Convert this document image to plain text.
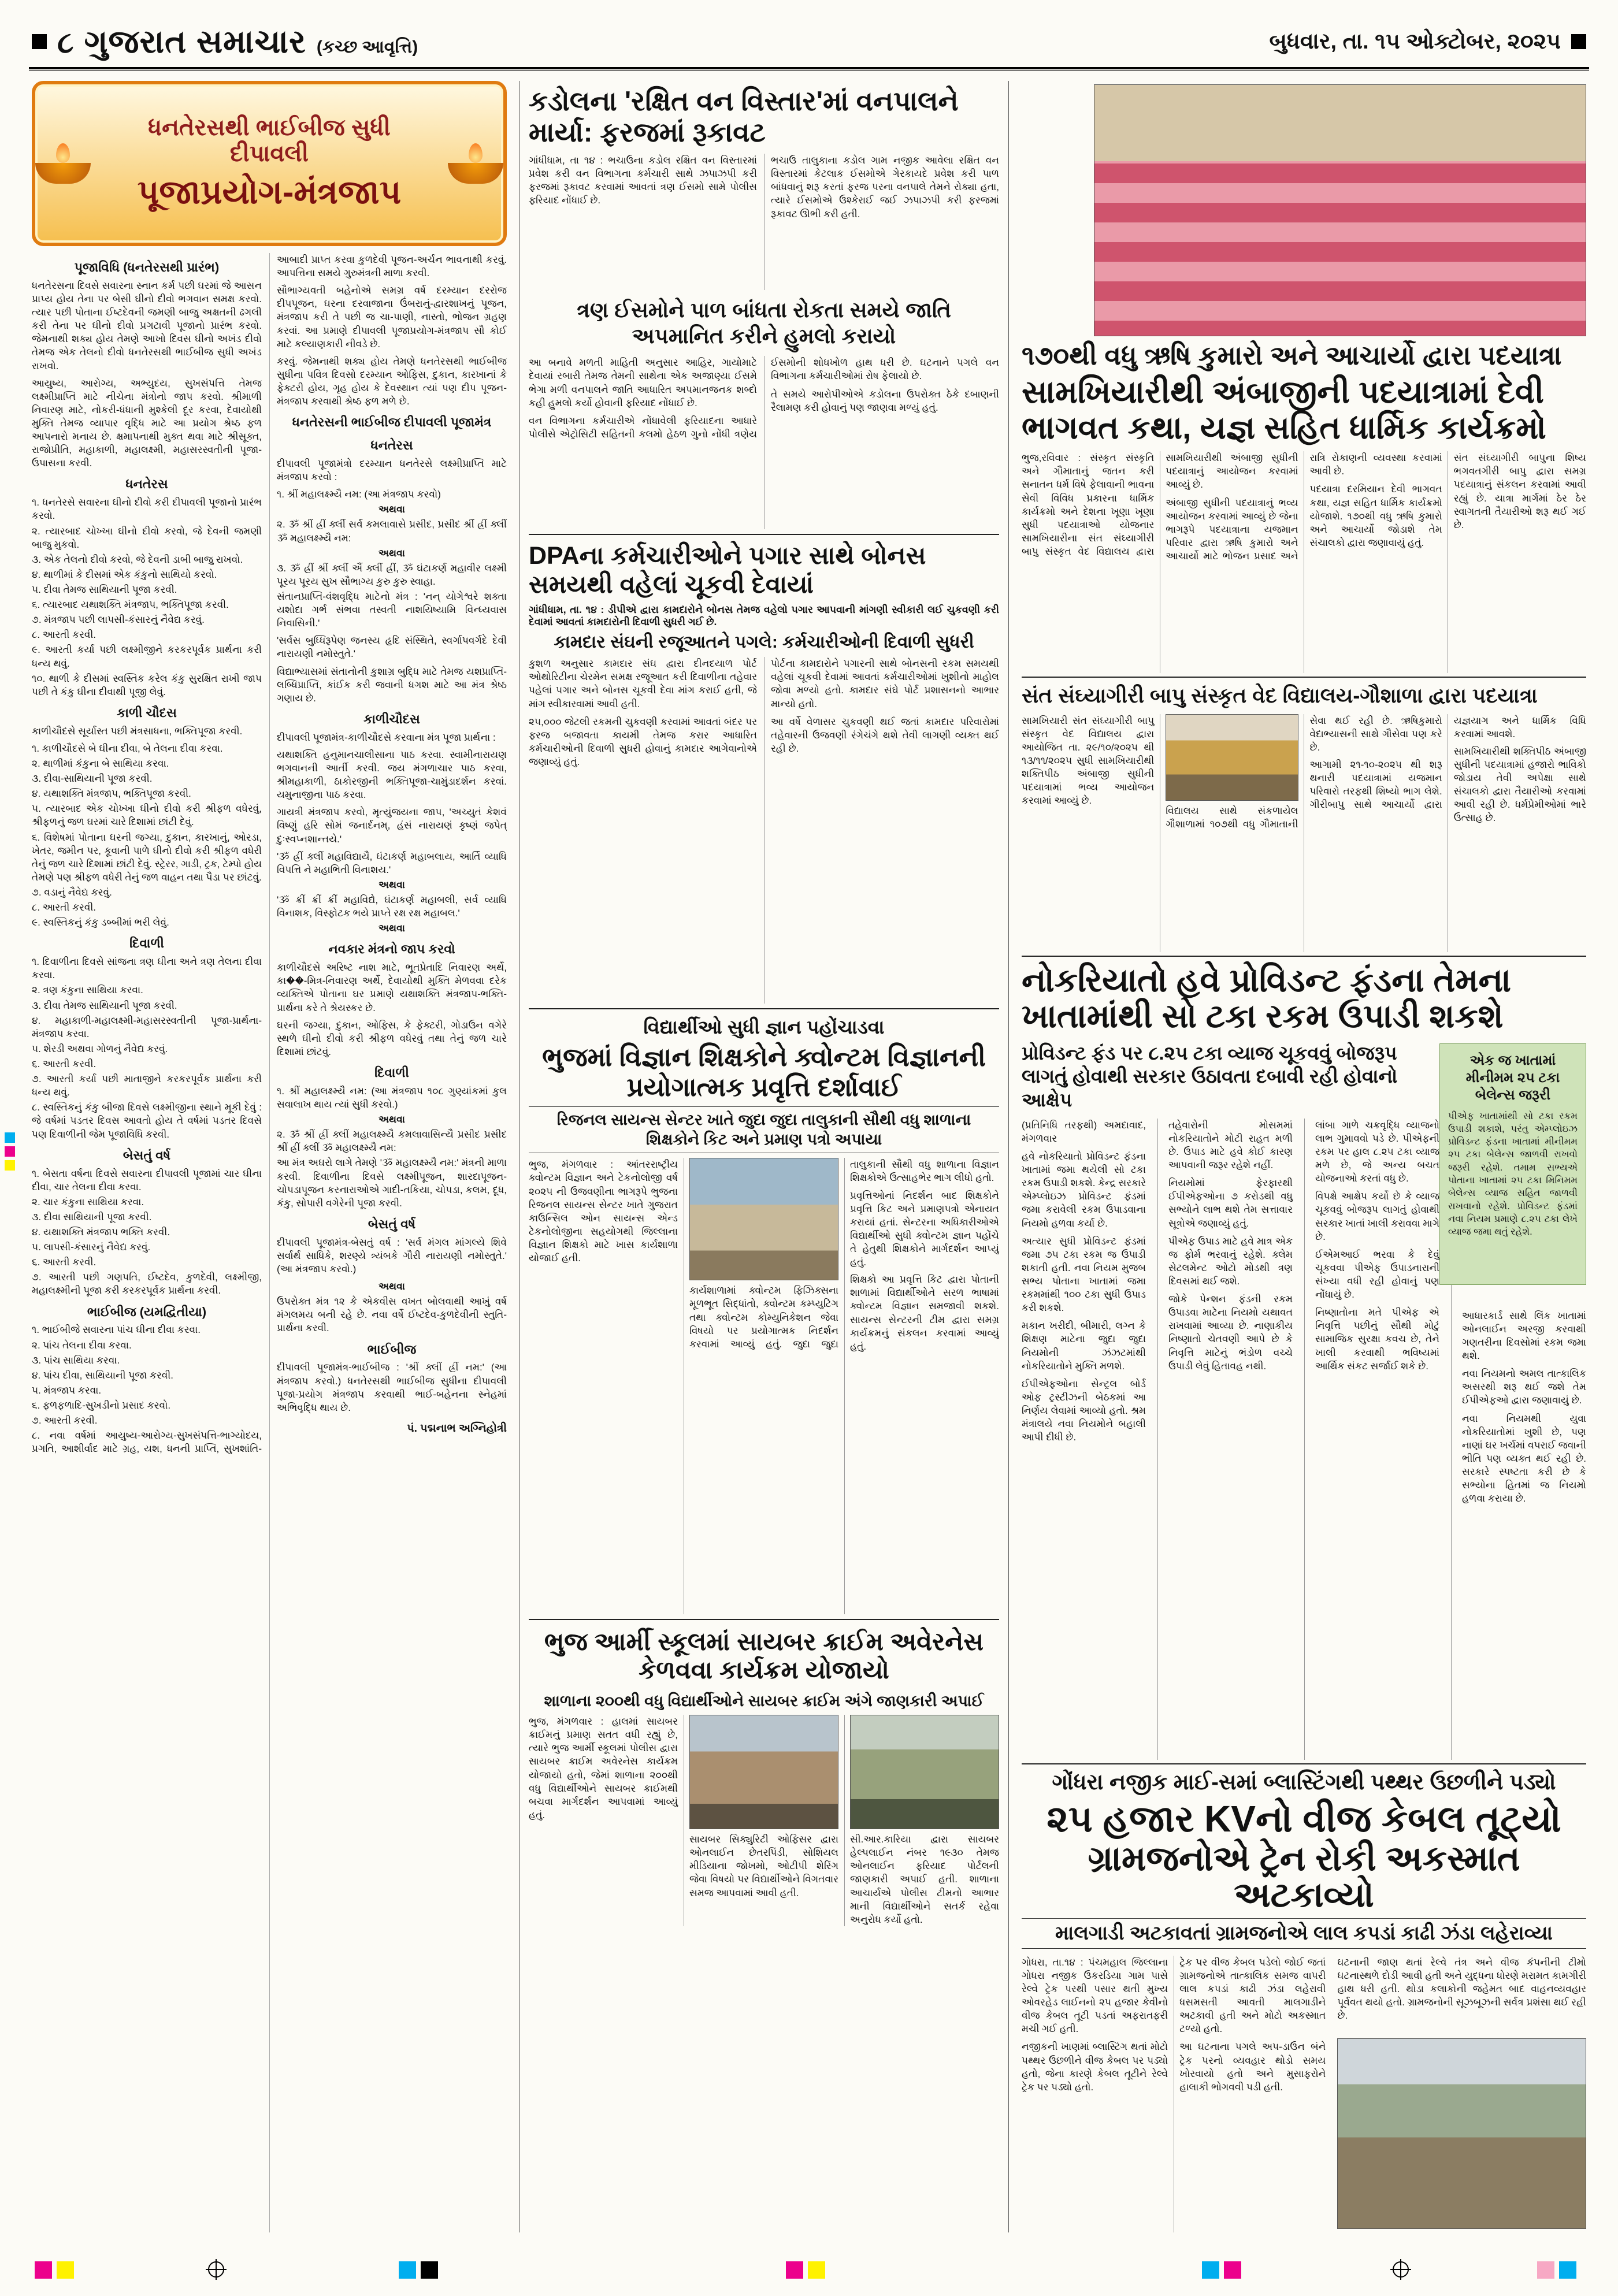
૮ ગુજરાત સમાચાર (કચ્છ આવૃત્તિ)	બુધવાર, તા. ૧૫ ઓક્ટોબર, ૨૦૨૫
ધનતેરસથી ભાઈબીજ સુધી દીપાવલી
પૂજાપ્રયોગ-મંત્રજાપ
પૂજાવિધિ (ધનતેરસથી પ્રારંભ)
ધનતેરસના દિવસે સવારના સ્નાન કર્મ પછી ઘરમાં જે આસન પ્રાપ્ય હોય તેના પર બેસી ઘીનો દીવો ભગવાન સમક્ષ કરવો. ત્યાર પછી પોતાના ઈષ્ટદેવની જમણી બાજુ અક્ષતની ઢગલી કરી તેના પર ઘીનો દીવો પ્રગટાવી પૂજાનો પ્રારંભ કરવો. જેમનાથી શક્ય હોય તેમણે આખો દિવસ ઘીનો અખંડ દીવો તેમજ એક તેલનો દીવો ધનતેરસથી ભાઈબીજ સુધી અખંડ રાખવો.
આયુષ્ય, આરોગ્ય, અભ્યુદય, સુખસંપત્તિ તેમજ લક્ષ્મીપ્રાપ્તિ માટે નીચેના મંત્રોનો જાપ કરવો. શ્રીમાળી નિવારણ માટે, નોકરી-ધંધાની મુશ્કેલી દૂર કરવા, દેવાયોથી મુક્તિ તેમજ વ્યાપાર વૃદ્ધિ માટે આ પ્રયોગ શ્રેષ્ઠ ફળ આપનારો મનાય છે. ક્ષમાપનાથી મુક્ત થવા માટે શ્રીસૂક્ત, રાજોપ્રીતિ, મહાકાળી, મહાલક્ષ્મી, મહાસરસ્વતીની પૂજા-ઉપાસના કરવી.
ધનતેરસ
૧. ધનતેરસે સવારના ઘીનો દીવો કરી દીપાવલી પૂજાનો પ્રારંભ કરવો.
૨. ત્યારબાદ ચોખ્ખા ઘીનો દીવો કરવો, જે દેવની જમણી બાજુ મુકવો.
૩. એક તેલનો દીવો કરવો, જે દેવની ડાબી બાજુ રાખવો.
૪. થાળીમાં કે દીસમાં એક કંકુનો સાથિયો કરવો.
૫. દીવા તેમજ સાથિયાની પૂજા કરવી.
૬. ત્યારબાદ યથાશક્તિ મંત્રજાપ, ભક્તિપૂજા કરવી.
૭. મંત્રજાપ પછી લાપસી-કંસારનું નૈવેદ્ય કરવું.
૮. આરતી કરવી.
૯. આરતી કર્યા પછી લક્ષ્મીજીને કરકરપૂર્વક પ્રાર્થના કરી ધન્ય થવું.
૧૦. થાળી કે દીસમાં સ્વસ્તિક કરેલ કંકુ સુરક્ષિત રાખી જાપ પછી તે કંકુ ઘીના દીવાથી પૂજી લેવું.
કાળી ચૌદસ
કાળીચૌદસે સૂર્યાસ્ત પછી મંત્રસાધના, ભક્તિપૂજા કરવી.
૧. કાળીચૌદસે બે ઘીના દીવા, બે તેલના દીવા કરવા.
૨. થાળીમાં કંકુના બે સાથિયા કરવા.
૩. દીવા-સાથિયાની પૂજા કરવી.
૪. યથાશક્તિ મંત્રજાપ, ભક્તિપૂજા કરવી.
૫. ત્યારબાદ એક ચોખ્ખા ઘીનો દીવો કરી શ્રીફળ વધેરવું, શ્રીફળનું જળ ઘરમાં ચારે દિશામાં છાંટી દેવું.
૬. વિશેષમાં પોતાના ઘરની જગ્યા, દુકાન, કારખાનું, ઓરડા, ખેતર, જમીન પર, કૂવાની પાળે ઘીનો દીવો કરી શ્રીફળ વધેરી તેનું જળ ચારે દિશામાં છાંટી દેવું. સ્ટ્રેરર, ગાડી, ટ્રક, ટેમ્પો હોય તેમણે પણ શ્રીફળ વધેરી તેનું જળ વાહન તથા પૈડા પર છાંટવું.
૭. વડાનું નૈવેદ્ય કરવું.
૮. આરતી કરવી.
૯. સ્વસ્તિકનું કંકુ ડબ્બીમાં ભરી લેવું.
દિવાળી
૧. દિવાળીના દિવસે સાંજના ત્રણ ઘીના અને ત્રણ તેલના દીવા કરવા.
૨. ત્રણ કંકુના સાથિયા કરવા.
૩. દીવા તેમજ સાથિયાની પૂજા કરવી.
૪. મહાકાળી-મહાલક્ષ્મી-મહાસરસ્વતીની પૂજા-પ્રાર્થના-મંત્રજાપ કરવા.
૫. શેરડી અથવા ગોળનું નૈવેદ્ય કરવું.
૬. આરતી કરવી.
૭. આરતી કર્યા પછી માતાજીને કરકરપૂર્વક પ્રાર્થના કરી ધન્ય થવું.
૮. સ્વસ્તિકનું કંકુ બીજા દિવસે લક્ષ્મીજીના સ્થાને મૂકી દેવું : જે વર્ષમાં પડતર દિવસ આવતો હોય તે વર્ષમાં પડતર દિવસે પણ દિવાળીની જેમ પૂજાવિધિ કરવી.
બેસતું વર્ષ
૧. બેસતા વર્ષના દિવસે સવારના દીપાવલી પૂજામાં ચાર ઘીના દીવા, ચાર તેલના દીવા કરવા.
૨. ચાર કંકુના સાથિયા કરવા.
૩. દીવા સાથિયાની પૂજા કરવી.
૪. યથાશક્તિ મંત્રજાપ ભક્તિ કરવી.
૫. લાપસી-કંસારનું નૈવેદ્ય કરવું.
૬. આરતી કરવી.
૭. આરતી પછી ગણપતિ, ઈષ્ટદેવ, કુળદેવી, લક્ષ્મીજી, મહાલક્ષ્મીની પૂજા કરી કરકરપૂર્વક પ્રાર્થના કરવી.
ભાઈબીજ (યમદ્વિતીયા)
૧. ભાઈબીજે સવારના પાંચ ઘીના દીવા કરવા.
૨. પાંચ તેલના દીવા કરવા.
૩. પાંચ સાથિયા કરવા.
૪. પાંચ દીવા, સાથિયાની પૂજા કરવી.
૫. મંત્રજાપ કરવા.
૬. ફળફળાદિ-સુખડીનો પ્રસાદ કરવો.
૭. આરતી કરવી.
૮. નવા વર્ષમાં આયુષ્ય-આરોગ્ય-સુખસંપત્તિ-ભાગ્યોદય, પ્રગતિ, આશીર્વાદ માટે ગ્રહ, યશ, ધનની પ્રાપ્તિ, સુખશાંતિ-આબાદી પ્રાપ્ત કરવા કુળદેવી પૂજન-અર્ચન ભાવનાથી કરવું. આપત્તિના સમયે ગુરુમંત્રની માળા કરવી.
સૌભાગ્યવતી બહેનોએ સમગ્ર વર્ષ દરમ્યાન દરરોજ દીપપૂજન, ઘરના દરવાજાના ઉંબરાનું-દ્વારશાખનું પૂજન, મંત્રજાપ કરી તે પછી જ ચા-પાણી, નાસ્તો, ભોજન ગ્રહણ કરવાં. આ પ્રમાણે દીપાવલી પૂજાપ્રયોગ-મંત્રજાપ સૌ કોઈ માટે કલ્યાણકારી નીવડે છે.
કરવું. જેમનાથી શક્ય હોય તેમણે ધનતેરસથી ભાઈબીજ સુધીના પવિત્ર દિવસો દરમ્યાન ઓફિસ, દુકાન, કારખાનાં કે ફેક્ટરી હોય, ગૃહ હોય કે દેવસ્થાન ત્યાં પણ દીપ પૂજન-મંત્રજાપ કરવાથી શ્રેષ્ઠ ફળ મળે છે.
ધનતેરસની ભાઈબીજ દીપાવલી પૂજામંત્ર
ધનતેરસ
દીપાવલી પૂજામંત્રો દરમ્યાન ધનતેરસે લક્ષ્મીપ્રાપ્તિ માટે મંત્રજાપ કરવો :
૧. શ્રીં મહાલક્ષ્મ્યૈ નમ: (આ મંત્રજાપ કરવો)
અથવા
૨. ૐ શ્રીં હ્રીં ક્લીં સર્વ કમલાવાસે પ્રસીદ, પ્રસીદ શ્રીં હ્રીં ક્લીં ૐ મહાલક્ષ્મ્યૈ નમ:
અથવા
૩. ૐ હ્રીં શ્રીં ક્લીં ઐં ક્લીં હ્રીં, ૐ ઘંટાકર્ણ મહાવીર લક્ષ્મી પૂરય પૂરય સુખ સૌભાગ્ય કુરુ કુરુ સ્વાહા.
સંતાનપ્રાપ્તિ-વંશવૃદ્ધિ માટેનો મંત્ર : 'નન્ યોગેશ્વરે શક્તા યશોદા ગર્ભ સંભવા તસ્વતી નાશયિષ્યામિ વિન્ધ્યવાસ નિવાસિની.'
'સર્વસ બુધ્ધિરૂપેણ જનસ્ય હૃદિ સંસ્થિતે, સ્વર્ગાપવર્ગદે દેવી નારાયણી નમોસ્તુતે.'
વિદ્યાભ્યાસમાં સંતાનોની કુશાગ્ર બુદ્ધિ માટે તેમજ યશપ્રાપ્તિ-લબ્ધિપ્રાપ્તિ, કાંઈક કરી જવાની ધગશ માટે આ મંત્ર શ્રેષ્ઠ ગણાય છે.
કાળીચૌદસ
દીપાવલી પૂજામંત્ર-કાળીચૌદસે કરવાના મંત્ર પૂજા પ્રાર્થના :
યથાશક્તિ હનુમાનચાલીસાના પાઠ કરવા. સ્વામીનારાયણ ભગવાનની આર્તી કરવી. જય મંગળાચાર પાઠ કરવા, શ્રીમહાકાળી, ઠાકોરજીની ભક્તિપૂજા-ચામુંડાદર્શન કરવાં. યમુનાજીના પાઠ કરવા.
ગાયત્રી મંત્રજાપ કરવો, મૃત્યુંજયના જાપ, 'અચ્યુતં કેશવં વિષ્ણું હરિ સોમં જનાર્દનમ્, હંસં નારાયણં કૃષ્ણં જપેત્ દુઃસ્વપ્નશાન્તયે.'
'ૐ હ્રીં ક્લીં મહાવિદ્યાયૈ, ઘંટાકર્ણ મહાબલાય, આર્તિ વ્યાધિ વિપત્તિ ને મહાભિતી વિનાશય.'
અથવા
'ૐ ક્રીં ક્રીં ક્રીં મહાવિદ્યે, ઘંટાકર્ણ મહાબલી, સર્વ વ્યાધિ વિનાશક, વિસ્ફોટક ભયે પ્રાપ્તે રક્ષ રક્ષ મહાબલ.'
અથવા
નવકાર મંત્રનો જાપ કરવો
કાળીચૌદસે અરિષ્ટ નાશ માટે, ભૂતપ્રેતાદિ નિવારણ અર્થે, કા��-મિત્ર-નિવારણ અર્થે, દેવાયોથી મુક્તિ મેળવવા દરેક વ્યક્તિએ પોતાના ઘર પ્રમાણે યથાશક્તિ મંત્રજાપ-ભક્તિ-પ્રાર્થના કરે તે શ્રેયસ્કર છે.
ઘરની જગ્યા, દુકાન, ઓફિસ, કે ફેક્ટરી, ગોડાઉન વગેરે સ્થળે ઘીનો દીવો કરી શ્રીફળ વધેરવું તથા તેનું જળ ચારે દિશામાં છાંટવું.
દિવાળી
૧. શ્રીં મહાલક્ષ્મ્યૈ નમ: (આ મંત્રજાપ ૧૦૮ ગુણ્યાંકમાં કુલ સવાલાખ થાય ત્યાં સુધી કરવો.)
અથવા
૨. ૐ શ્રીં હ્રીં ક્લીં મહાલક્ષ્મ્યૈ કમલાવાસિન્યૈ પ્રસીદ પ્રસીદ શ્રીં હ્રીં ક્લીં ૐ મહાલક્ષ્મ્યૈ નમ:
આ મંત્ર અઘરો લાગે તેમણે 'ૐ મહાલક્ષ્મ્યૈ નમ:' મંત્રની માળા કરવી. દિવાળીના દિવસે લક્ષ્મીપૂજન, શારદાપૂજન-ચોપડાપૂજન કરનારાઓએ ગાદી-તકિયા, ચોપડા, કલમ, દૂધ, કંકુ, સોપારી વગેરેની પૂજા કરવી.
બેસતું વર્ષ
દીપાવલી પૂજામંત્ર-બેસતું વર્ષ : 'સર્વ મંગલ માંગલ્યે શિવે સર્વાર્થ સાધિકે, શરણ્યે ત્ર્યંબકે ગૌરી નારાયણી નમોસ્તુતે.' (આ મંત્રજાપ કરવો.)
અથવા
ઉપરોક્ત મંત્ર ૧૨ કે એકવીસ વખત બોલવાથી આખું વર્ષ મંગલમય બની રહે છે. નવા વર્ષે ઈષ્ટદેવ-કુળદેવીની સ્તુતિ-પ્રાર્થના કરવી.
ભાઈબીજ
દીપાવલી પૂજામંત્ર-ભાઈબીજ : 'શ્રીં ક્લીં હ્રીં નમ:' (આ મંત્રજાપ કરવો.) ધનતેરસથી ભાઈબીજ સુધીના દીપાવલી પૂજા-પ્રયોગ મંત્રજાપ કરવાથી ભાઈ-બહેનના સ્નેહમાં અભિવૃદ્ધિ થાય છે.
પં. પદ્મનાભ અગ્નિહોત્રી
કડોલના 'રક્ષિત વન વિસ્તાર'માં વનપાલને માર્યા: ફરજમાં રૂકાવટ

ગાંધીધામ, તા ૧૪ : ભચાઉના કડોલ રક્ષિત વન વિસ્તારમાં પ્રવેશ કરી વન વિભાગના કર્મચારી સાથે ઝપાઝપી કરી ફરજમાં રૂકાવટ કરવામાં આવતાં ત્રણ ઈસમો સામે પોલીસ ફરિયાદ નોંધાઈ છે.

ભચાઉ તાલુકાના કડોલ ગામ નજીક આવેલા રક્ષિત વન વિસ્તારમાં કેટલાક ઈસમોએ ગેરકાયદે પ્રવેશ કરી પાળ બાંધવાનું શરૂ કરતાં ફરજ પરના વનપાલે તેમને રોક્યા હતા, ત્યારે ઈસમોએ ઉશ્કેરાઈ જઈ ઝપાઝપી કરી ફરજમાં રૂકાવટ ઊભી કરી હતી.

ત્રણ ઈસમોને પાળ બાંધતા રોકતા સમયે જાતિ અપમાનિત કરીને હુમલો કરાયો

આ બનાવે મળતી માહિતી અનુસાર આહિર, ગાયોમાટે દેવાયાં રબારી તેમજ તેમની સાથેના એક અજાણ્યા ઈસમે ભેગા મળી વનપાલને જાતિ આધારિત અપમાનજનક શબ્દો કહી હુમલો કર્યો હોવાની ફરિયાદ નોંધાઈ છે.

વન વિભાગના કર્મચારીએ નોંધાવેલી ફરિયાદના આધારે પોલીસે એટ્રોસિટી સહિતની કલમો હેઠળ ગુનો નોંધી ત્રણેય ઈસમોની શોધખોળ હાથ ધરી છે. ઘટનાને પગલે વન વિભાગના કર્મચારીઓમાં રોષ ફેલાયો છે.

તે સમયે આરોપીઓએ કડોલના ઉપરોક્ત ઠેકે દબાણની રૈલામણ કરી હોવાનું પણ જાણવા મળ્યું હતું.

DPAના કર્મચારીઓને પગાર સાથે બોનસ સમયથી વહેલાં ચૂકવી દેવાયાં

ગાંધીધામ, તા. ૧૪ : ડીપીએ દ્વારા કામદારોને બોનસ તેમજ વહેલો પગાર આપવાની માંગણી સ્વીકારી લઈ ચુકવણી કરી દેવામાં આવતાં કામદારોની દિવાળી સુધરી ગઈ છે.

કામદાર સંઘની રજૂઆતને પગલે: કર્મચારીઓની દિવાળી સુધરી

કુશળ અનુસાર કામદાર સંઘ દ્વારા દીનદયાળ પોર્ટ ઓથોરિટીના ચેરમેન સમક્ષ રજૂઆત કરી દિવાળીના તહેવાર પહેલાં પગાર અને બોનસ ચૂકવી દેવા માંગ કરાઈ હતી, જે માંગ સ્વીકારવામાં આવી હતી.

૨૫,૦૦૦ જેટલી રકમની ચુકવણી કરવામાં આવતાં બંદર પર ફરજ બજાવતા કાયમી તેમજ કરાર આધારિત કર્મચારીઓની દિવાળી સુધરી હોવાનું કામદાર આગેવાનોએ જણાવ્યું હતું.

પોર્ટના કામદારોને પગારની સાથે બોનસની રકમ સમયથી વહેલાં ચૂકવી દેવામાં આવતાં કર્મચારીઓમાં ખુશીનો માહોલ જોવા મળ્યો હતો. કામદાર સંઘે પોર્ટ પ્રશાસનનો આભાર માન્યો હતો.

આ વર્ષે વેળાસર ચુકવણી થઈ જતાં કામદાર પરિવારોમાં તહેવારની ઉજવણી રંગેચંગે થશે તેવી લાગણી વ્યક્ત થઈ રહી છે.

વિદ્યાર્થીઓ સુધી જ્ઞાન પહોંચાડવા
ભુજમાં વિજ્ઞાન શિક્ષકોને ક્વોન્ટમ વિજ્ઞાનની પ્રયોગાત્મક પ્રવૃત્તિ દર્શાવાઈ
રિજનલ સાયન્સ સેન્ટર ખાતે જુદા જુદા તાલુકાની સૌથી વધુ શાળાના શિક્ષકોને કિટ અને પ્રમાણ પત્રો અપાયા
ભુજ, મંગળવાર : આંતરરાષ્ટ્રીય ક્વોન્ટમ વિજ્ઞાન અને ટેકનોલોજી વર્ષ ૨૦૨૫ ની ઉજવણીના ભાગરૂપે ભુજના રિજનલ સાયન્સ સેન્ટર ખાતે ગુજરાત કાઉન્સિલ ઓન સાયન્સ એન્ડ ટેકનોલોજીના સહયોગથી જિલ્લાના વિજ્ઞાન શિક્ષકો માટે ખાસ કાર્યશાળા યોજાઈ હતી.
કાર્યશાળામાં ક્વોન્ટમ ફિઝિક્સના મૂળભૂત સિદ્ધાંતો, ક્વોન્ટમ કમ્પ્યુટિંગ તથા ક્વોન્ટમ કોમ્યુનિકેશન જેવા વિષયો પર પ્રયોગાત્મક નિદર્શન કરવામાં આવ્યું હતું. જુદા જુદા તાલુકાની સૌથી વધુ શાળાના વિજ્ઞાન શિક્ષકોએ ઉત્સાહભેર ભાગ લીધો હતો.
પ્રવૃત્તિઓનાં નિદર્શન બાદ શિક્ષકોને પ્રવૃત્તિ કિટ અને પ્રમાણપત્રો એનાયત કરાયાં હતાં. સેન્ટરના અધિકારીઓએ વિદ્યાર્થીઓ સુધી ક્વોન્ટમ જ્ઞાન પહોંચે તે હેતુથી શિક્ષકોને માર્ગદર્શન આપ્યું હતું.
શિક્ષકો આ પ્રવૃત્તિ કિટ દ્વારા પોતાની શાળામાં વિદ્યાર્થીઓને સરળ ભાષામાં ક્વોન્ટમ વિજ્ઞાન સમજાવી શકશે. સાયન્સ સેન્ટરની ટીમ દ્વારા સમગ્ર કાર્યક્રમનું સંકલન કરવામાં આવ્યું હતું.
ભુજ આર્મી સ્કૂલમાં સાયબર ક્રાઈમ અવેરનેસ કેળવવા કાર્યક્રમ યોજાયો
શાળાના ૨૦૦થી વધુ વિદ્યાર્થીઓને સાયબર ક્રાઈમ અંગે જાણકારી અપાઈ
ભુજ, મંગળવાર : હાલમાં સાયબર ક્રાઈમનું પ્રમાણ સતત વધી રહ્યું છે, ત્યારે ભુજ આર્મી સ્કૂલમાં પોલીસ દ્વારા સાયબર ક્રાઈમ અવેરનેસ કાર્યક્રમ યોજાયો હતો, જેમાં શાળાના ૨૦૦થી વધુ વિદ્યાર્થીઓને સાયબર ક્રાઈમથી બચવા માર્ગદર્શન આપવામાં આવ્યું હતું.
સાયબર સિક્યુરિટી ઓફિસર દ્વારા ઓનલાઈન છેતરપિંડી, સોશિયલ મીડિયાના જોખમો, ઓટીપી શેરિંગ જેવા વિષયો પર વિદ્યાર્થીઓને વિગતવાર સમજ આપવામાં આવી હતી.
સી.આર.કારિયા દ્વારા સાયબર હેલ્પલાઈન નંબર ૧૯૩૦ તેમજ ઓનલાઈન ફરિયાદ પોર્ટલની જાણકારી અપાઈ હતી. શાળાના આચાર્યએ પોલીસ ટીમનો આભાર માની વિદ્યાર્થીઓને સતર્ક રહેવા અનુરોધ કર્યો હતો.
૧૭૦થી વધુ ઋષિ કુમારો અને આચાર્યો દ્વારા પદયાત્રા
સામખિયારીથી અંબાજીની પદયાત્રામાં દેવી ભાગવત કથા, યજ્ઞ સહિત ધાર્મિક કાર્યક્રમો

ભુજ,રવિવાર : સંસ્કૃત સંસ્કૃતિ અને ગૌમાતાનું જતન કરી સનાતન ધર્મ વિષે ફેલાવાની ભાવના સેવી વિવિધ પ્રકારના ધાર્મિક કાર્યક્રમો અને દેશના ખૂણા ખૂણા સુધી પદયાત્રાઓ યોજનાર સામખિયારીના સંત સંઘ્યાગીરી બાપુ સંસ્કૃત વેદ વિદ્યાલય દ્વારા સામખિયારીથી અંબાજી સુધીની પદયાત્રાનું આયોજન કરવામાં આવ્યું છે.

અંબાજી સુધીની પદયાત્રાનું ભવ્ય આયોજન કરવામાં આવ્યું છે જેના ભાગરૂપે પદયાત્રાના યજમાન પરિવાર દ્વારા ઋષિ કુમારો અને આચાર્યો માટે ભોજન પ્રસાદ અને રાત્રિ રોકાણની વ્યવસ્થા કરવામાં આવી છે.

પદયાત્રા દરમિયાન દેવી ભાગવત કથા, યજ્ઞ સહિત ધાર્મિક કાર્યક્રમો યોજાશે. ૧૭૦થી વધુ ઋષિ કુમારો અને આચાર્યો જોડાશે તેમ સંચાલકો દ્વારા જણાવાયું હતું.

સંત સંઘ્યાગીરી બાપુના શિષ્ય ભગવતગીરી બાપુ દ્વારા સમગ્ર પદયાત્રાનું સંકલન કરવામાં આવી રહ્યું છે. યાત્રા માર્ગમાં ઠેર ઠેર સ્વાગતની તૈયારીઓ શરૂ થઈ ગઈ છે.

સંત સંઘ્યાગીરી બાપુ સંસ્કૃત વેદ વિદ્યાલય-ગૌશાળા દ્વારા પદયાત્રા
સામખિયારી સંત સંઘ્યાગીરી બાપુ સંસ્કૃત વેદ વિદ્યાલય દ્વારા આયોજિત તા. ૨૯/૧૦/૨૦૨૫ થી ૧૩/૧૧/૨૦૨૫ સુધી સામખિયારીથી શક્તિપીઠ અંબાજી સુધીની પદયાત્રામાં ભવ્ય આયોજન કરવામાં આવ્યું છે.
વિદ્યાલય સાથે સંકળાયેલ ગૌશાળામાં ૧૦૭થી વધુ ગૌમાતાની સેવા થઈ રહી છે. ઋષિકુમારો વેદાભ્યાસની સાથે ગૌસેવા પણ કરે છે.
આગામી ૨૧-૧૦-૨૦૨૫ થી શરૂ થનારી પદયાત્રામાં યજમાન પરિવારો તરફથી શિષ્યો ભાગ લેશે. ગીરીબાપુ સાથે આચાર્યો દ્વારા યજ્ઞયાગ અને ધાર્મિક વિધિ કરવામાં આવશે.
સામખિયારીથી શક્તિપીઠ અંબાજી સુધીની પદયાત્રામાં હજારો ભાવિકો જોડાય તેવી અપેક્ષા સાથે સંચાલકો દ્વારા તૈયારીઓ કરવામાં આવી રહી છે. ધર્મપ્રેમીઓમાં ભારે ઉત્સાહ છે.
નોકરિયાતો હવે પ્રોવિડન્ટ ફંડના તેમના ખાતામાંથી સો ટકા રકમ ઉપાડી શકશે
પ્રોવિડન્ટ ફંડ પર ૮.૨૫ ટકા વ્યાજ ચૂકવવું બોજરૂપ લાગતું હોવાથી સરકાર ઉઠાવતા દબાવી રહી હોવાનો આક્ષેપ
એક જ ખાતામાં મીનીમમ ૨૫ ટકા બેલેન્સ જરૂરી
પીએફ ખાતામાંથી સો ટકા રકમ ઉપાડી શકાશે, પરંતુ એમ્પ્લોઇઝ પ્રોવિડન્ટ ફંડના ખાતામાં મીનીમમ ૨૫ ટકા બેલેન્સ જાળવી રાખવો જરૂરી રહેશે. તમામ સભ્યએ પોતાના ખાતામાં ૨૫ ટકા મિનિમમ બેલેન્સ વ્યાજ સહિત જાળવી રાખવાનો રહેશે. પ્રોવિડન્ટ ફંડમાં નવા નિયમ પ્રમાણે ૮.૨૫ ટકા લેખે વ્યાજ જમા થતું રહેશે.

(પ્રતિનિધિ તરફથી) અમદાવાદ, મંગળવાર

હવે નોકરિયાતો પ્રોવિડન્ટ ફંડના ખાતામાં જમા થયેલી સો ટકા રકમ ઉપાડી શકશે. કેન્દ્ર સરકારે એમ્પ્લોઇઝ પ્રોવિડન્ટ ફંડમાં જમા કરાવેલી રકમ ઉપાડવાના નિયમો હળવા કર્યા છે.

અત્યાર સુધી પ્રોવિડન્ટ ફંડમાં જમા ૭૫ ટકા રકમ જ ઉપાડી શકાતી હતી. નવા નિયમ મુજબ સભ્ય પોતાના ખાતામાં જમા રકમમાંથી ૧૦૦ ટકા સુધી ઉપાડ કરી શકશે.

મકાન ખરીદી, બીમારી, લગ્ન કે શિક્ષણ માટેના જુદા જુદા નિયમોની ઝંઝટમાંથી નોકરિયાતોને મુક્તિ મળશે.

ઈપીએફઓના સેન્ટ્રલ બોર્ડ ઓફ ટ્રસ્ટીઝની બેઠકમાં આ નિર્ણય લેવામાં આવ્યો હતો. શ્રમ મંત્રાલયે નવા નિયમોને બહાલી આપી દીધી છે.

તહેવારોની મોસમમાં નોકરિયાતોને મોટી રાહત મળી છે. ઉપાડ માટે હવે કોઈ કારણ આપવાની જરૂર રહેશે નહીં.

નિયમોમાં ફેરફારથી ઈપીએફઓના ૭ કરોડથી વધુ સભ્યોને લાભ થશે તેમ સત્તાવાર સૂત્રોએ જણાવ્યું હતું.

પીએફ ઉપાડ માટે હવે માત્ર એક જ ફોર્મ ભરવાનું રહેશે. ક્લેમ સેટલમેન્ટ ઓટો મોડથી ત્રણ દિવસમાં થઈ જશે.

જોકે પેન્શન ફંડની રકમ ઉપાડવા માટેના નિયમો યથાવત રાખવામાં આવ્યા છે. નાણાકીય નિષ્ણાતો ચેતવણી આપે છે કે નિવૃત્તિ માટેનું ભંડોળ વચ્ચે ઉપાડી લેવું હિતાવહ નથી.

લાંબા ગાળે ચક્રવૃદ્ધિ વ્યાજનો લાભ ગુમાવવો પડે છે. પીએફની રકમ પર હાલ ૮.૨૫ ટકા વ્યાજ મળે છે, જે અન્ય બચત યોજનાઓ કરતાં વધુ છે.

વિપક્ષે આક્ષેપ કર્યો છે કે વ્યાજ ચૂકવવું બોજરૂપ લાગતું હોવાથી સરકાર ખાતાં ખાલી કરાવવા માગે છે.

ઈએમઆઈ ભરવા કે દેવું ચૂકવવા પીએફ ઉપાડનારાની સંખ્યા વધી રહી હોવાનું પણ નોંધાયું છે.

નિષ્ણાતોના મતે પીએફ એ નિવૃત્તિ પછીનું સૌથી મોટું સામાજિક સુરક્ષા કવચ છે, તેને ખાલી કરવાથી ભવિષ્યમાં આર્થિક સંકટ સર્જાઈ શકે છે.

આધારકાર્ડ સાથે લિંક ખાતામાં ઓનલાઈન અરજી કરવાથી ગણતરીના દિવસોમાં રકમ જમા થશે.

નવા નિયમનો અમલ તાત્કાલિક અસરથી શરૂ થઈ જશે તેમ ઈપીએફઓ દ્વારા જણાવાયું છે.

નવા નિયમથી યુવા નોકરિયાતોમાં ખુશી છે, પણ નાણાં ઘર ખર્ચમાં વપરાઈ જવાની ભીતિ પણ વ્યક્ત થઈ રહી છે. સરકારે સ્પષ્ટતા કરી છે કે સભ્યોના હિતમાં જ નિયમો હળવા કરાયા છે.

ગોંધરા નજીક માઈ-સમાં બ્લાસ્ટિંગથી પથ્થર ઉછળીને પડ્યો
૨૫ હજાર KVનો વીજ કેબલ તૂટ્યો
ગ્રામજનોએ ટ્રેન રોકી અકસ્માત અટકાવ્યો
માલગાડી અટકાવતાં ગ્રામજનોએ લાલ કપડાં કાઢી ઝંડા લહેરાવ્યા

ગોધરા, તા.૧૪ : પંચમહાલ જિલ્લાના ગોધરા નજીક ઉકરડિયા ગામ પાસે રેલ્વે ટ્રેક પરથી પસાર થતી મુખ્ય ઓવરહેડ લાઈનનો ૨૫ હજાર કેવીનો વીજ કેબલ તૂટી પડતાં અફરાતફરી મચી ગઈ હતી.

નજીકની ખાણમાં બ્લાસ્ટિંગ થતાં મોટો પથ્થર ઉછળીને વીજ કેબલ પર પડ્યો હતો, જેના કારણે કેબલ તૂટીને રેલ્વે ટ્રેક પર પડ્યો હતો.

ટ્રેક પર વીજ કેબલ પડેલો જોઈ જતાં ગ્રામજનોએ તાત્કાલિક સમજ વાપરી લાલ કપડાં કાઢી ઝંડા લહેરાવી ધસમસતી આવતી માલગાડીને અટકાવી હતી અને મોટો અકસ્માત ટળ્યો હતો.

આ ઘટનાના પગલે અપ-ડાઉન બંને ટ્રેક પરનો વ્યવહાર થોડો સમય ખોરવાયો હતો અને મુસાફરોને હાલાકી ભોગવવી પડી હતી.

ઘટનાની જાણ થતાં રેલ્વે તંત્ર અને વીજ કંપનીની ટીમો ઘટનાસ્થળે દોડી આવી હતી અને યુદ્ધના ધોરણે મરામત કામગીરી હાથ ધરી હતી. થોડા કલાકોની જહેમત બાદ વાહનવ્યવહાર પૂર્વવત થયો હતો. ગ્રામજનોની સૂઝબૂઝની સર્વત્ર પ્રશંસા થઈ રહી છે.
